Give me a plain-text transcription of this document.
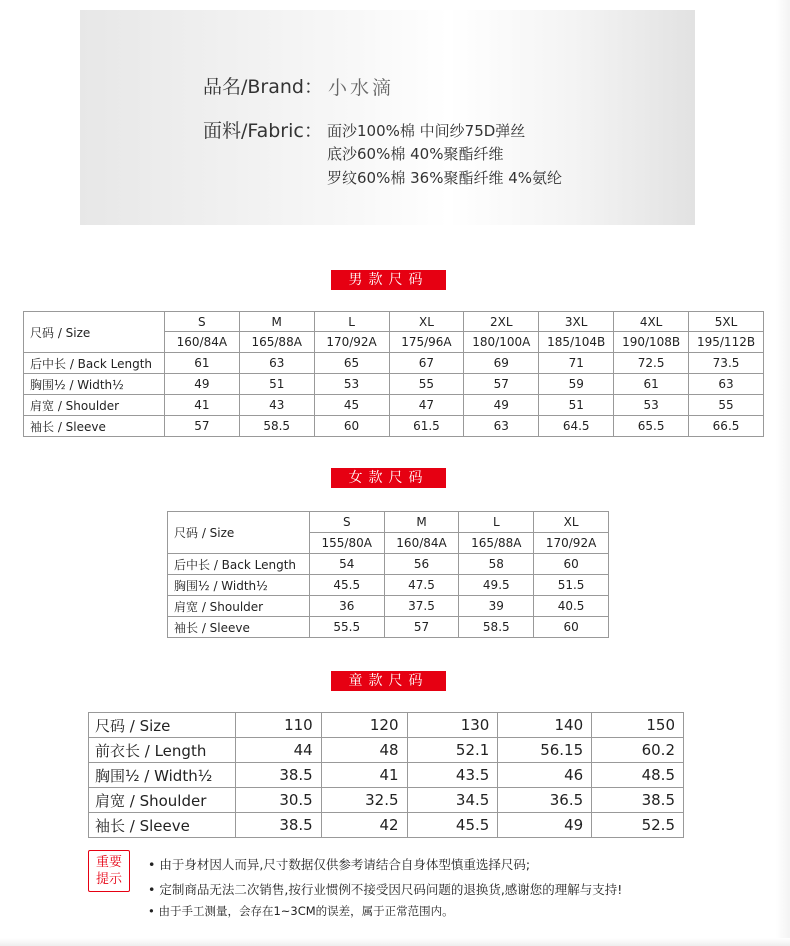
品名/Brand： 小水滴
面料/Fabric： 面沙100%棉 中间纱75D弹丝
底沙60%棉 40%聚酯纤维
罗纹60%棉 36%聚酯纤维 4%氨纶
男款尺码
尺码 / Size	S	M	L	XL	2XL	3XL	4XL	5XL
	160/84A	165/88A	170/92A	175/96A	180/100A	185/104B	190/108B	195/112B
后中长 / Back Length	61	63	65	67	69	71	72.5	73.5
胸围½ / Width½	49	51	53	55	57	59	61	63
肩宽 / Shoulder	41	43	45	47	49	51	53	55
袖长 / Sleeve	57	58.5	60	61.5	63	64.5	65.5	66.5
女款尺码
尺码 / Size	S	M	L	XL
	155/80A	160/84A	165/88A	170/92A
后中长 / Back Length	54	56	58	60
胸围½ / Width½	45.5	47.5	49.5	51.5
肩宽 / Shoulder	36	37.5	39	40.5
袖长 / Sleeve	55.5	57	58.5	60
童款尺码
尺码 / Size	110	120	130	140	150
前衣长 / Length	44	48	52.1	56.15	60.2
胸围½ / Width½	38.5	41	43.5	46	48.5
肩宽 / Shoulder	30.5	32.5	34.5	36.5	38.5
袖长 / Sleeve	38.5	42	45.5	49	52.5
重要
提示
• 由于身材因人而异,尺寸数据仅供参考请结合自身体型慎重选择尺码;
• 定制商品无法二次销售,按行业惯例不接受因尺码问题的退换货,感谢您的理解与支持!
• 由于手工测量，会存在1~3CM的误差，属于正常范围内。
